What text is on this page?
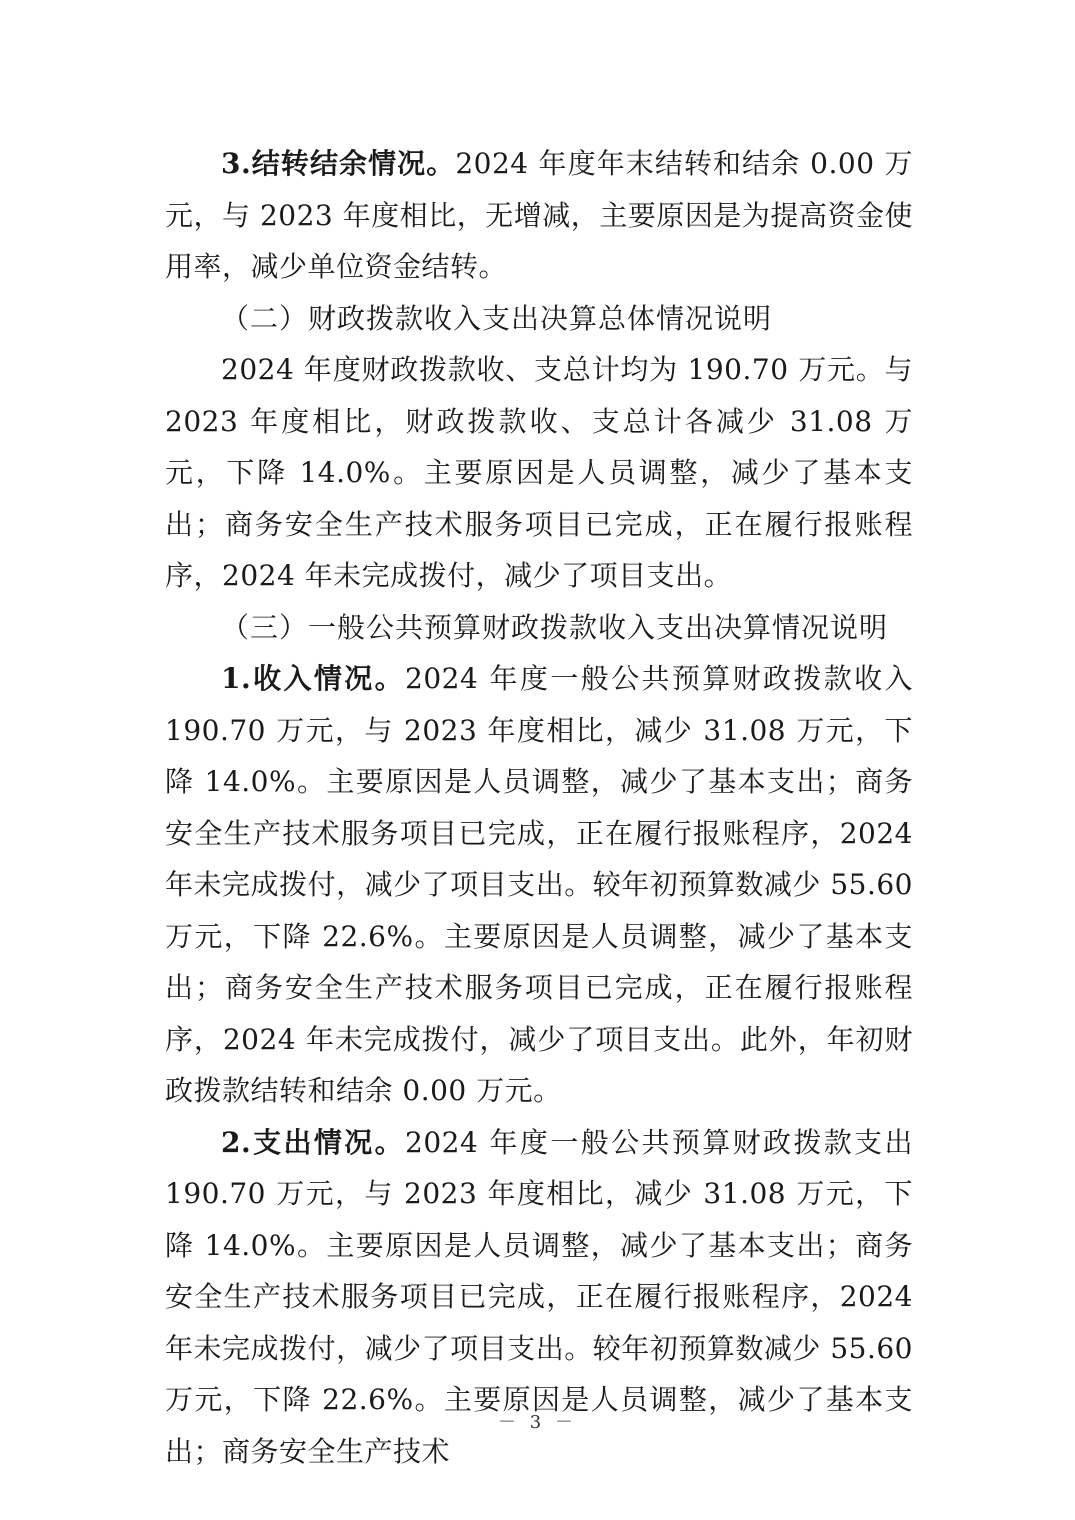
3.结转结余情况。2024 年度年末结转和结余 0.00 万元，与 2023 年度相比，无增减，主要原因是为提高资金使用率，减少单位资金结转。

（二）财政拨款收入支出决算总体情况说明

2024 年度财政拨款收、支总计均为 190.70 万元。与 2023 年度相比，财政拨款收、支总计各减少 31.08 万元，下降 14.0%。主要原因是人员调整，减少了基本支出；商务安全生产技术服务项目已完成，正在履行报账程序，2024 年未完成拨付，减少了项目支出。

（三）一般公共预算财政拨款收入支出决算情况说明

1.收入情况。2024 年度一般公共预算财政拨款收入 190.70 万元，与 2023 年度相比，减少 31.08 万元，下降 14.0%。主要原因是人员调整，减少了基本支出；商务安全生产技术服务项目已完成，正在履行报账程序，2024 年未完成拨付，减少了项目支出。较年初预算数减少 55.60 万元，下降 22.6%。主要原因是人员调整，减少了基本支出；商务安全生产技术服务项目已完成，正在履行报账程序，2024 年未完成拨付，减少了项目支出。此外，年初财政拨款结转和结余 0.00 万元。

2.支出情况。2024 年度一般公共预算财政拨款支出 190.70 万元，与 2023 年度相比，减少 31.08 万元，下降 14.0%。主要原因是人员调整，减少了基本支出；商务安全生产技术服务项目已完成，正在履行报账程序，2024 年未完成拨付，减少了项目支出。较年初预算数减少 55.60 万元，下降 22.6%。主要原因是人员调整，减少了基本支出；商务安全生产技术

－ 3 －
